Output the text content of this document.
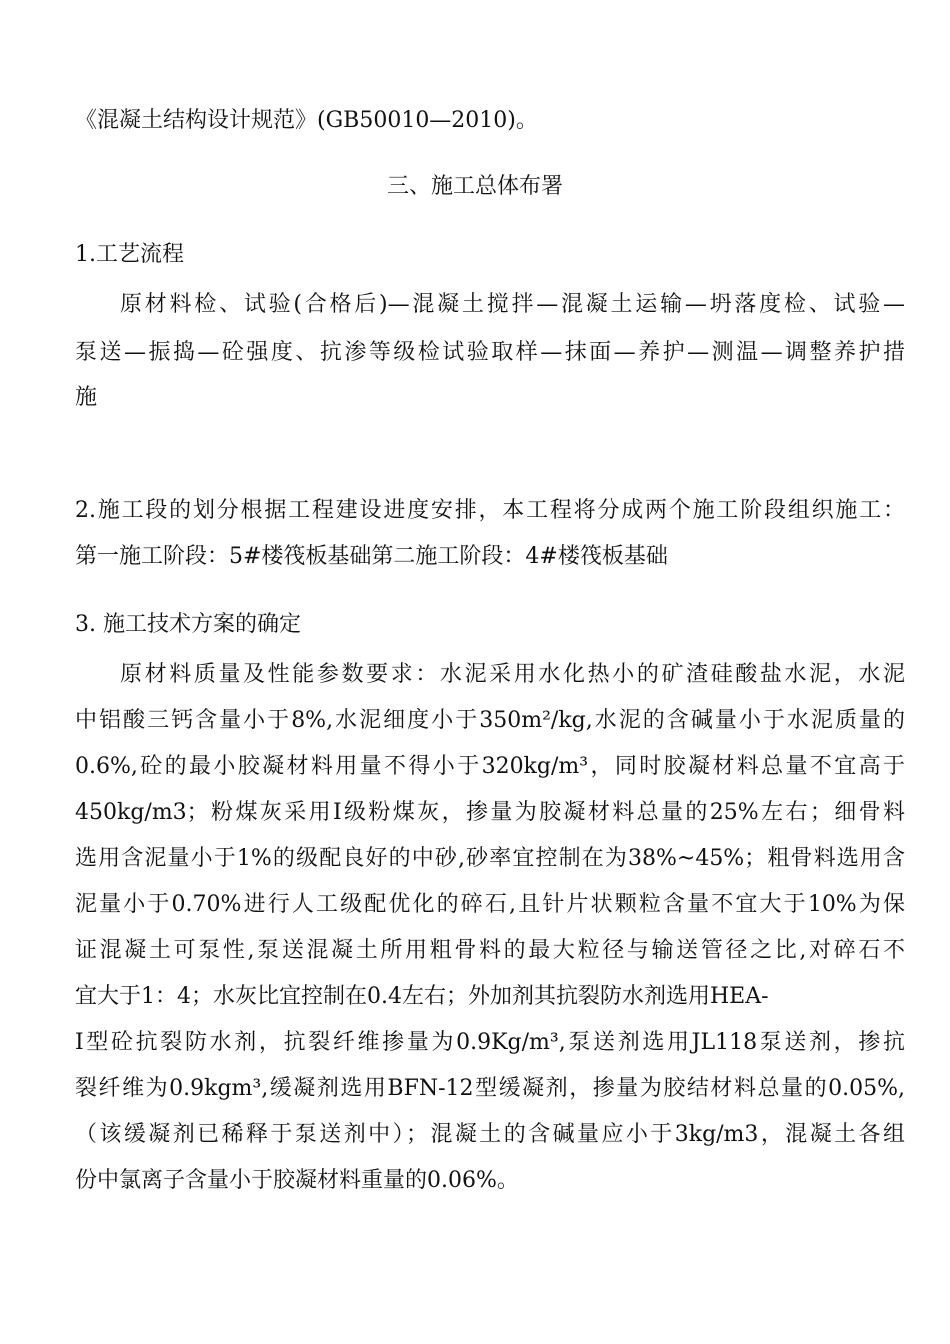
《混凝土结构设计规范》(GB50010—2010)。
三、施工总体布署
1.工艺流程
原材料检、试验(合格后)—混凝土搅拌—混凝土运输—坍落度检、试验—
泵送—振捣—砼强度、抗渗等级检试验取样—抹面—养护—测温—调整养护措
施
2.施工段的划分根据工程建设进度安排，本工程将分成两个施工阶段组织施工：
第一施工阶段：5#楼筏板基础第二施工阶段：4#楼筏板基础
3. 施工技术方案的确定
原材料质量及性能参数要求：水泥采用水化热小的矿渣硅酸盐水泥，水泥
中铝酸三钙含量小于8%,水泥细度小于350m²/kg,水泥的含碱量小于水泥质量的
0.6%,砼的最小胶凝材料用量不得小于320kg/m³，同时胶凝材料总量不宜高于
450kg/m3；粉煤灰采用Ⅰ级粉煤灰，掺量为胶凝材料总量的25%左右；细骨料
选用含泥量小于1%的级配良好的中砂,砂率宜控制在为38%~45%；粗骨料选用含
泥量小于0.70%进行人工级配优化的碎石,且针片状颗粒含量不宜大于10%为保
证混凝土可泵性,泵送混凝土所用粗骨料的最大粒径与输送管径之比,对碎石不
宜大于1：4；水灰比宜控制在0.4左右；外加剂其抗裂防水剂选用HEA-
Ⅰ型砼抗裂防水剂，抗裂纤维掺量为0.9Kg/m³,泵送剂选用JL118泵送剂，掺抗
裂纤维为0.9kgm³,缓凝剂选用BFN-12型缓凝剂，掺量为胶结材料总量的0.05%,
（该缓凝剂已稀释于泵送剂中）；混凝土的含碱量应小于3kg/m3，混凝土各组
份中氯离子含量小于胶凝材料重量的0.06%。
